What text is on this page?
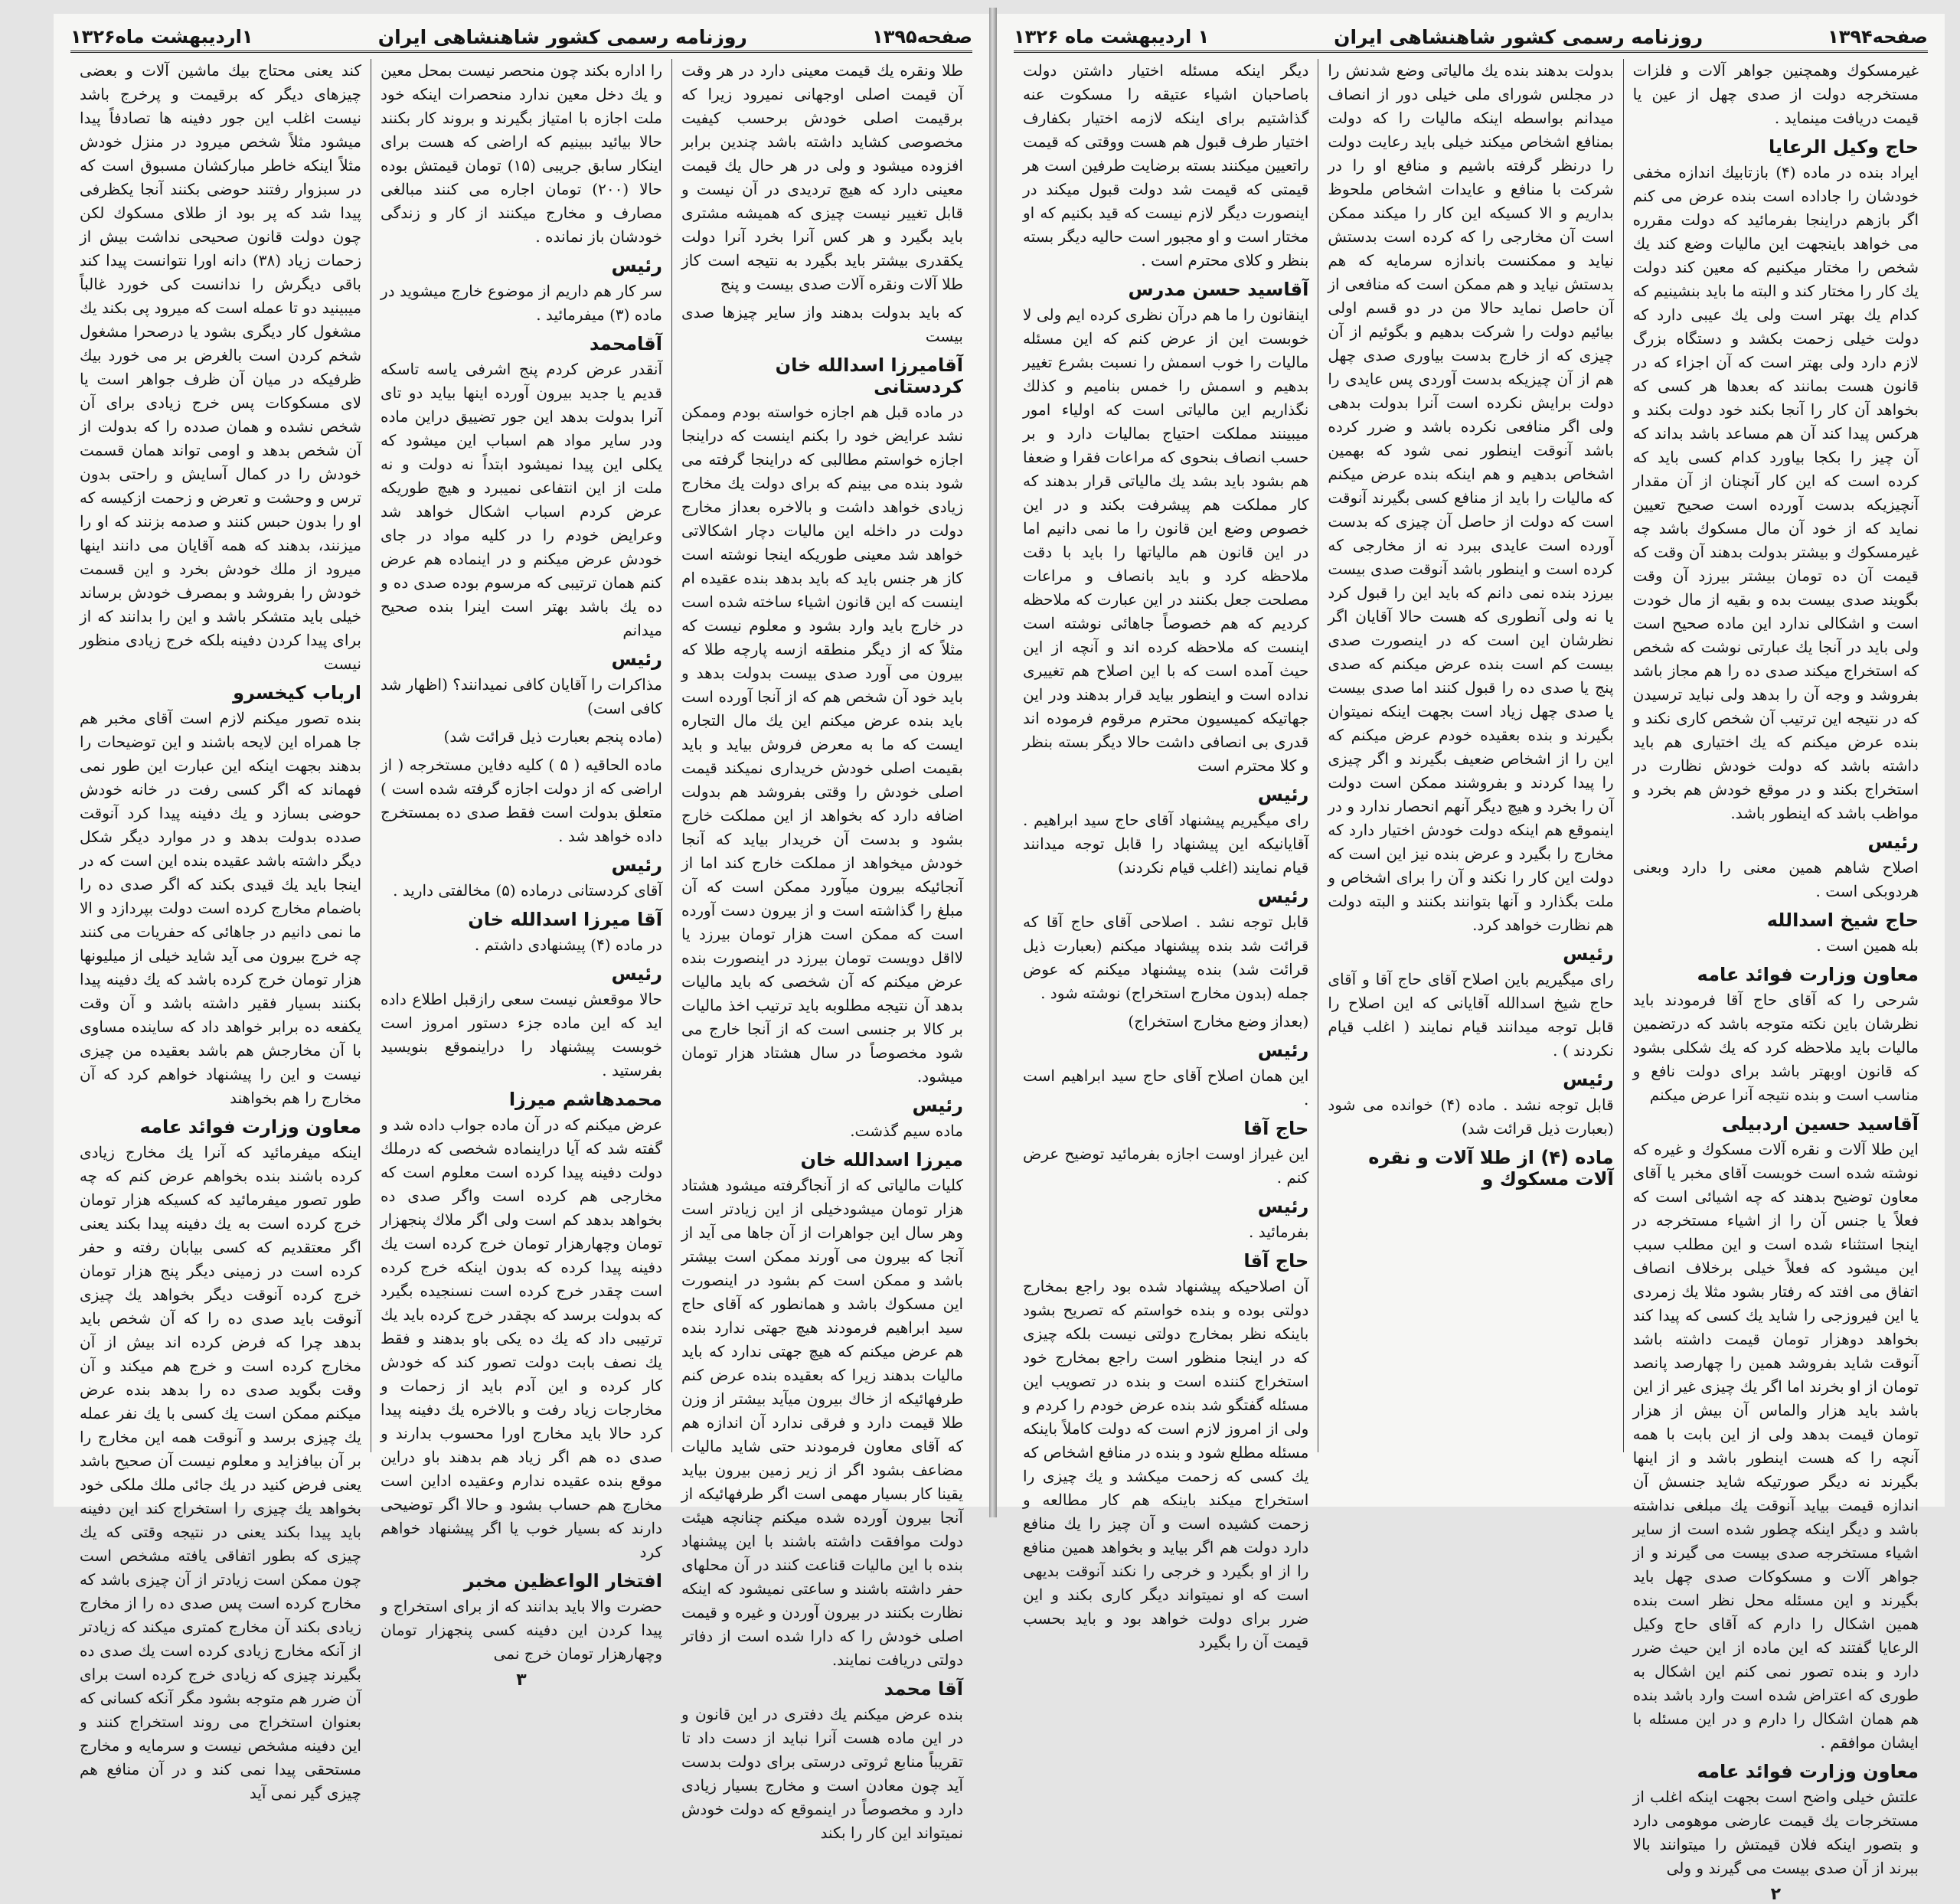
صفحه۱۳۹۵
روزنامه رسمی کشور شاهنشاهی ایران
۱اردیبهشت ماه۱۳۲۶
طلا ونقره یك قیمت معینی دارد در هر وقت آن قیمت اصلی اوجهانی نمیرود زیرا که برقیمت اصلی خودش برحسب کیفیت مخصوصی کشاید داشته باشد چندین برابر افزوده میشود و ولی در هر حال یك قیمت معینی دارد که هیچ تردیدی در آن نیست و قابل تغییر نیست چیزی که همیشه مشتری باید بگیرد و هر کس آنرا بخرد آنرا دولت یکقدری بیشتر باید بگیرد به نتیجه است کاز طلا آلات ونقره آلات صدی بیست و پنج
که باید بدولت بدهند واز سایر چیزها صدی بیست
آقامیرزا اسدالله خان کردستانی
در ماده قبل هم اجازه خواسته بودم وممکن نشد عرایض خود را بکنم اینست که دراینجا اجازه خواستم مطالبی که دراینجا گرفته می شود بنده می بینم که برای دولت یك مخارج زیادی خواهد داشت و بالاخره بعداز مخارج دولت در داخله این مالیات دچار اشکالاتی خواهد شد معینی طوریکه اینجا نوشته است کاز هر جنس باید که باید بدهد بنده عقیده ام اینست که این قانون اشیاء ساخته شده است در خارج باید وارد بشود و معلوم نیست که مثلاً که از دیگر منطقه ازسه پارچه طلا که بیرون می آورد صدی بیست بدولت بدهد و باید خود آن شخص هم که از آنجا آورده است باید بنده عرض میکنم این یك مال التجاره ایست که ما به معرض فروش بیاید و باید بقیمت اصلی خودش خریداری نمیکند قیمت اصلی خودش را وقتی بفروشد هم بدولت اضافه دارد که بخواهد از این مملکت خارج بشود و بدست آن خریدار بیاید که آنجا خودش میخواهد از مملکت خارج کند اما از آنجائیکه بیرون میآورد ممکن است که آن مبلغ را گذاشته است و از بیرون دست آورده است که ممکن است هزار تومان بیرزد یا لااقل دویست تومان بیرزد در اینصورت بنده عرض میکنم که آن شخصی که باید مالیات بدهد آن نتیجه مطلوبه باید ترتیب اخذ مالیات بر کالا بر جنسی است که از آنجا خارج می شود مخصوصاً در سال هشتاد هزار تومان میشود.
رئیس
ماده سیم گذشت.
میرزا اسدالله خان
کلیات مالیاتی که از آنجاگرفته میشود هشتاد هزار تومان میشودخیلی از این زیادتر است وهر سال این جواهرات از آن جاها می آید از آنجا که بیرون می آورند ممکن است بیشتر باشد و ممکن است کم بشود در اینصورت این مسکوك باشد و همانطور که آقای حاج سید ابراهیم فرمودند هیچ جهتی ندارد بنده هم عرض میکنم که هیچ جهتی ندارد که باید مالیات بدهند زیرا که بعقیده بنده عرض کنم طرفهائیکه از خاك بیرون میآید بیشتر از وزن طلا قیمت دارد و فرقی ندارد آن اندازه هم که آقای معاون فرمودند حتی شاید مالیات مضاعف بشود اگر از زیر زمین بیرون بیاید یقینا کار بسیار مهمی است اگر طرفهائیکه از آنجا بیرون آورده شده میکنم چنانچه هیئت دولت موافقت داشته باشند با این پیشنهاد بنده با این مالیات قناعت کنند در آن محلهای حفر داشته باشند و ساعتی نمیشود که اینکه نظارت بکنند در بیرون آوردن و غیره و قیمت اصلی خودش را که دارا شده است از دفاتر دولتی دریافت نمایند.
آقا محمد
بنده عرض میکنم یك دفتری در این قانون و در این ماده هست آنرا نباید از دست داد تا تقریباً منابع ثروتی درستی برای دولت بدست آید چون معادن است و مخارج بسیار زیادی دارد و مخصوصاً در اینموقع که دولت خودش نمیتواند این کار را بکند
را اداره بکند چون منحصر نیست بمحل معین و یك دخل معین ندارد منحصرات اینکه خود ملت اجازه با امتیاز بگیرند و بروند کار بکنند حالا بیائید ببینیم که اراضی که هست برای اینکار سابق جریبی (۱۵) تومان قیمتش بوده حالا (۲۰۰) تومان اجاره می کنند مبالغی مصارف و مخارج میکنند از کار و زندگی خودشان باز نمانده .
رئیس
سر کار هم داریم از موضوع خارج میشوید در ماده (۳) میفرمائید .
آقامحمد
آنقدر عرض کردم پنج اشرفی یاسه تاسکه قدیم یا جدید بیرون آورده اینها بیاید دو تای آنرا بدولت بدهد این جور تضییق دراین ماده ودر سایر مواد هم اسباب این میشود که یکلی این پیدا نمیشود ابتداً نه دولت و نه ملت از این انتفاعی نمیبرد و هیچ طوریکه عرض کردم اسباب اشکال خواهد شد وعرایض خودم را در کلیه مواد در جای خودش عرض میکنم و در اینماده هم عرض کنم همان ترتیبی که مرسوم بوده صدی ده و ده یك باشد بهتر است اینرا بنده صحیح میدانم
رئیس
مذاکرات را آقایان کافی نمیدانند؟ (اظهار شد کافی است)
(ماده پنجم بعبارت ذیل قرائت شد)
ماده الحاقیه ( ۵ ) کلیه دفاین مستخرجه ( از اراضی که از دولت اجازه گرفته شده است ) متعلق بدولت است فقط صدی ده بمستخرج داده خواهد شد .
رئیس
آقای کردستانی درماده (۵) مخالفتی دارید .
آقا میرزا اسدالله خان
در ماده (۴) پیشنهادی داشتم .
رئیس
حالا موقعش نیست سعی رازقبل اطلاع داده اید که این ماده جزء دستور امروز است خوبست پیشنهاد را دراینموقع بنویسید بفرستید .
محمدهاشم میرزا
عرض میکنم که در آن ماده جواب داده شد و گفته شد که آیا دراینماده شخصی که درملك دولت دفینه پیدا کرده است معلوم است که مخارجی هم کرده است واگر صدی ده بخواهد بدهد کم است ولی اگر ملاك پنجهزار تومان وچهارهزار تومان خرج کرده است یك دفینه پیدا کرده که بدون اینکه خرج کرده است چقدر خرج کرده است نسنجیده بگیرد که بدولت برسد که بچقدر خرج کرده باید یك ترتیبی داد که یك ده یکی باو بدهند و فقط یك نصف بابت دولت تصور کند که خودش کار کرده و این آدم باید از زحمات و مخارجات زیاد رفت و بالاخره یك دفینه پیدا کرد حالا باید مخارج اورا محسوب بدارند و صدی ده هم اگر زیاد هم بدهند باو دراین موقع بنده عقیده ندارم وعقیده اداین است مخارج هم حساب بشود و حالا اگر توضیحی دارند که بسیار خوب یا اگر پیشنهاد خواهم کرد
افتخار الواعظین مخبر
حضرت والا باید بدانند که از برای استخراج و پیدا کردن این دفینه کسی پنجهزار تومان وچهارهزار تومان خرج نمی
۳
کند یعنی محتاج بیك ماشین آلات و بعضی چیزهای دیگر که برقیمت و پرخرج باشد نیست اغلب این جور دفینه ها تصادفاً پیدا میشود مثلاً شخص میرود در منزل خودش مثلاً اینکه خاطر مبارکشان مسبوق است که در سبزوار رفتند حوضی بکنند آنجا یکظرفی پیدا شد که پر بود از طلای مسکوك لکن چون دولت قانون صحیحی نداشت بیش از زحمات زیاد (۳۸) دانه اورا نتوانست پیدا کند باقی دیگرش را ندانست کی خورد غالباً میبینید دو تا عمله است که میرود پی بکند یك مشغول کار دیگری بشود یا درصحرا مشغول شخم کردن است بالغرض بر می خورد بیك ظرفیکه در میان آن ظرف جواهر است یا لای مسکوکات پس خرج زیادی برای آن شخص نشده و همان صدده را که بدولت از آن شخص بدهد و اومی تواند همان قسمت خودش را در کمال آسایش و راحتی بدون ترس و وحشت و تعرض و زحمت ازکیسه که او را بدون حبس کنند و صدمه بزنند که او را میزنند، بدهند که همه آقایان می دانند اینها میرود از ملك خودش بخرد و این قسمت خودش را بفروشد و بمصرف خودش برساند خیلی باید متشکر باشد و این را بدانند که از برای پیدا کردن دفینه بلکه خرج زیادی منظور نیست
ارباب کیخسرو
بنده تصور میکنم لازم است آقای مخبر هم جا همراه این لایحه باشند و این توضیحات را بدهند بجهت اینکه این عبارت این طور نمی فهماند که اگر کسی رفت در خانه خودش حوضی بسازد و یك دفینه پیدا کرد آنوقت صدده بدولت بدهد و در موارد دیگر شکل دیگر داشته باشد عقیده بنده این است که در اینجا باید یك قیدی بکند که اگر صدی ده را باضمام مخارج کرده است دولت بپردازد و الا ما نمی دانیم در جاهائی که حفریات می کنند چه خرج بیرون می آید شاید خیلی از میلیونها هزار تومان خرج کرده باشد که یك دفینه پیدا بکنند بسیار فقیر داشته باشد و آن وقت یکفعه ده برابر خواهد داد که ساینده مساوی با آن مخارجش هم باشد بعقیده من چیزی نیست و این را پیشنهاد خواهم کرد که آن مخارج را هم بخواهند
معاون وزارت فوائد عامه
اینکه میفرمائید که آنرا یك مخارج زیادی کرده باشند بنده بخواهم عرض کنم که چه طور تصور میفرمائید که کسیکه هزار تومان خرج کرده است به یك دفینه پیدا بکند یعنی اگر معتقدیم که کسی بیابان رفته و حفر کرده است در زمینی دیگر پنج هزار تومان خرج کرده آنوقت دیگر بخواهد یك چیزی آنوقت باید صدی ده را که آن شخص باید بدهد چرا که فرض کرده اند بیش از آن مخارج کرده است و خرج هم میکند و آن وقت بگوید صدی ده را بدهد بنده عرض میکنم ممکن است یك کسی با یك نفر عمله یك چیزی برسد و آنوقت همه این مخارج را بر آن بیافزاید و معلوم نیست آن صحیح باشد یعنی فرض کنید در یك جائی ملك ملکی خود بخواهد یك چیزی را استخراج کند این دفینه باید پیدا بکند یعنی در نتیجه وقتی که یك چیزی که بطور اتفاقی یافته مشخص است چون ممکن است زیادتر از آن چیزی باشد که مخارج کرده است پس صدی ده را از مخارج زیادی بکند آن مخارج کمتری میکند که زیادتر از آنکه مخارج زیادی کرده است یك صدی ده بگیرند چیزی که زیادی خرج کرده است برای آن ضرر هم متوجه بشود مگر آنکه کسانی که بعنوان استخراج می روند استخراج کنند و این دفینه مشخص نیست و سرمایه و مخارج مستحقی پیدا نمی کند و در آن منافع هم چیزی گیر نمی آید
صفحه۱۳۹۴
روزنامه رسمی کشور شاهنشاهی ایران
۱ اردیبهشت ماه ۱۳۲۶
غیرمسکوك وهمچنین جواهر آلات و فلزات مستخرجه دولت از صدی چهل از عین یا قیمت دریافت مینماید .
حاج وکیل الرعایا
ایراد بنده در ماده (۴) بازتابیك اندازه مخفی خودشان را جاداده است بنده عرض می کنم اگر بازهم دراینجا بفرمائید که دولت مقرره می خواهد باینجهت این مالیات وضع کند یك شخص را مختار میکنیم که معین کند دولت یك کار را مختار کند و البته ما باید بنشینیم که کدام یك بهتر است ولی یك عیبی دارد که دولت خیلی زحمت بکشد و دستگاه بزرگ لازم دارد ولی بهتر است که آن اجزاء که در قانون هست بمانند که بعدها هر کسی که بخواهد آن کار را آنجا بکند خود دولت بکند و هرکس پیدا کند آن هم مساعد باشد بداند که آن چیز را بکجا بیاورد کدام کسی باید که کرده است که این کار آنچنان از آن مقدار آنچیزیکه بدست آورده است صحیح تعیین نماید که از خود آن مال مسکوك باشد چه غیرمسکوك و بیشتر بدولت بدهند آن وقت که قیمت آن ده تومان بیشتر بیرزد آن وقت بگویند صدی بیست بده و بقیه از مال خودت است و اشکالی ندارد این ماده صحیح است ولی باید در آنجا یك عبارتی نوشت که شخص که استخراج میکند صدی ده را هم مجاز باشد بفروشد و وجه آن را بدهد ولی نباید ترسیدن که در نتیجه این ترتیب آن شخص کاری نکند و بنده عرض میکنم که یك اختیاری هم باید داشته باشد که دولت خودش نظارت در استخراج بکند و در موقع خودش هم بخرد و مواظب باشد که اینطور باشد.
رئیس
اصلاح شاهم همین معنی را دارد وبعنی هردوبکی است .
حاج شیخ اسدالله
بله همین است .
معاون وزارت فوائد عامه
شرحی را که آقای حاج آقا فرمودند باید نظرشان باین نکته متوجه باشد که درتضمین مالیات باید ملاحظه کرد که یك شکلی بشود که قانون اوبهتر باشد برای دولت نافع و مناسب است و بنده نتیجه آنرا عرض میکنم
آقاسید حسین اردبیلی
این طلا آلات و نقره آلات مسکوك و غیره که نوشته شده است خوبست آقای مخبر یا آقای معاون توضیح بدهند که چه اشیائی است که فعلاً یا جنس آن را از اشیاء مستخرجه در اینجا استثناء شده است و این مطلب سبب این میشود که فعلاً خیلی برخلاف انصاف اتفاق می افتد که رفتار بشود مثلا یك زمردی یا این فیروزجی را شاید یك کسی که پیدا کند بخواهد دوهزار تومان قیمت داشته باشد آنوقت شاید بفروشد همین را چهارصد پانصد تومان از او بخرند اما اگر یك چیزی غیر از این باشد باید هزار والماس آن بیش از هزار تومان قیمت بدهد ولی از این بابت با همه آنچه را که هست اینطور باشد و از اینها بگیرند نه دیگر صورتیکه شاید جنسش آن اندازه قیمت بیاید آنوقت یك مبلغی نداشته باشد و دیگر اینکه چطور شده است از سایر اشیاء مستخرجه صدی بیست می گیرند و از جواهر آلات و مسکوکات صدی چهل باید بگیرند و این مسئله محل نظر است بنده همین اشکال را دارم که آقای حاج وکیل الرعایا گفتند که این ماده از این حیث ضرر دارد و بنده تصور نمی کنم این اشکال به طوری که اعتراض شده است وارد باشد بنده هم همان اشکال را دارم و در این مسئله با ایشان موافقم .
معاون وزارت فوائد عامه
علتش خیلی واضح است بجهت اینکه اغلب از مستخرجات یك قیمت عارضی موهومی دارد و بتصور اینکه فلان قیمتش را میتوانند بالا ببرند از آن صدی بیست می گیرند و ولی
۲
بدولت بدهند بنده یك مالیاتی وضع شدنش را در مجلس شورای ملی خیلی دور از انصاف میدانم بواسطه اینکه مالیات را که دولت بمنافع اشخاص میکند خیلی باید رعایت دولت را درنظر گرفته باشیم و منافع او را در شرکت با منافع و عایدات اشخاص ملحوظ بداریم و الا کسیکه این کار را میکند ممکن است آن مخارجی را که کرده است بدستش نیاید و ممکنست باندازه سرمایه که هم بدستش نیاید و هم ممکن است که منافعی از آن حاصل نماید حالا من در دو قسم اولی بیائیم دولت را شرکت بدهیم و بگوئیم از آن چیزی که از خارج بدست بیاوری صدی چهل هم از آن چیزیکه بدست آوردی پس عایدی را دولت برایش نکرده است آنرا بدولت بدهی ولی اگر منافعی نکرده باشد و ضرر کرده باشد آنوقت اینطور نمی شود که بهمین اشخاص بدهیم و هم اینکه بنده عرض میکنم که مالیات را باید از منافع کسی بگیرند آنوقت است که دولت از حاصل آن چیزی که بدست آورده است عایدی ببرد نه از مخارجی که کرده است و اینطور باشد آنوقت صدی بیست بیرزد بنده نمی دانم که باید این را قبول کرد یا نه ولی آنطوری که هست حالا آقایان اگر نظرشان این است که در اینصورت صدی بیست کم است بنده عرض میکنم که صدی پنج یا صدی ده را قبول کنند اما صدی بیست یا صدی چهل زیاد است بجهت اینکه نمیتوان بگیرند و بنده بعقیده خودم عرض میکنم که این را از اشخاص ضعیف بگیرند و اگر چیزی را پیدا کردند و بفروشند ممکن است دولت آن را بخرد و هیچ دیگر آنهم انحصار ندارد و در اینموقع هم اینکه دولت خودش اختیار دارد که مخارج را بگیرد و عرض بنده نیز این است که دولت این کار را نکند و آن را برای اشخاص و ملت بگذارد و آنها بتوانند بکنند و البته دولت هم نظارت خواهد کرد.
رئیس
رای میگیریم باین اصلاح آقای حاج آقا و آقای حاج شیخ اسدالله آقایانی که این اصلاح را قابل توجه میدانند قیام نمایند ( اغلب قیام نکردند ) .
رئیس
قابل توجه نشد . ماده (۴) خوانده می شود (بعبارت ذیل قرائت شد)
ماده (۴) از طلا آلات و نقره آلات مسکوك و
دیگر اینکه مسئله اختیار داشتن دولت باصاحبان اشیاء عتیقه را مسکوت عنه گذاشتیم برای اینکه لازمه اختیار بکفارف اختیار طرف قبول هم هست ووقتی که قیمت راتعیین میکنند بسته برضایت طرفین است هر قیمتی که قیمت شد دولت قبول میکند در اینصورت دیگر لازم نیست که قید بکنیم که او مختار است و او مجبور است حالیه دیگر بسته بنظر و کلای محترم است .
آقاسید حسن مدرس
اینقانون را ما هم درآن نظری کرده ایم ولی لا خوبست این از عرض کنم که این مسئله مالیات را خوب اسمش را نسبت بشرع تغییر بدهیم و اسمش را خمس بنامیم و کذلك نگذاریم این مالیاتی است که اولیاء امور میبینند مملکت احتیاج بمالیات دارد و بر حسب انصاف بنحوی که مراعات فقرا و ضعفا هم بشود باید بشد یك مالیاتی قرار بدهند که کار مملکت هم پیشرفت بکند و در این خصوص وضع این قانون را ما نمی دانیم اما در این قانون هم مالیاتها را باید با دقت ملاحظه کرد و باید بانصاف و مراعات مصلحت جعل بکنند در این عبارت که ملاحظه کردیم که هم خصوصاً جاهائی نوشته است اینست که ملاحظه کرده اند و آنچه از این حیث آمده است که با این اصلاح هم تغییری نداده است و اینطور بیاید قرار بدهند ودر این جهاتیکه کمیسیون محترم مرقوم فرموده اند قدری بی انصافی داشت حالا دیگر بسته بنظر و کلا محترم است
رئیس
رای میگیریم پیشنهاد آقای حاج سید ابراهیم . آقایانیکه این پیشنهاد را قابل توجه میدانند قیام نمایند (اغلب قیام نکردند)
رئیس
قابل توجه نشد . اصلاحی آقای حاج آقا که قرائت شد بنده پیشنهاد میکنم (بعبارت ذیل قرائت شد) بنده پیشنهاد میکنم که عوض جمله (بدون مخارج استخراج) نوشته شود .
(بعداز وضع مخارج استخراج)
رئیس
این همان اصلاح آقای حاج سید ابراهیم است .
حاج آقا
این غیراز اوست اجازه بفرمائید توضیح عرض کنم .
رئیس
بفرمائید .
حاج آقا
آن اصلاحیکه پیشنهاد شده بود راجع بمخارج دولتی بوده و بنده خواستم که تصریح بشود باینکه نظر بمخارج دولتی نیست بلکه چیزی که در اینجا منظور است راجع بمخارج خود استخراج کننده است و بنده در تصویب این مسئله گفتگو شد بنده عرض خودم را کردم و ولی از امروز لازم است که دولت کاملاً باینکه مسئله مطلع شود و بنده در منافع اشخاص که یك کسی که زحمت میکشد و یك چیزی را استخراج میکند باینکه هم کار مطالعه و زحمت کشیده است و آن چیز را یك منافع دارد دولت هم اگر بیاید و بخواهد همین منافع را از او بگیرد و خرجی را نکند آنوقت بدیهی است که او نمیتواند دیگر کاری بکند و این ضرر برای دولت خواهد بود و باید بحسب قیمت آن را بگیرد
